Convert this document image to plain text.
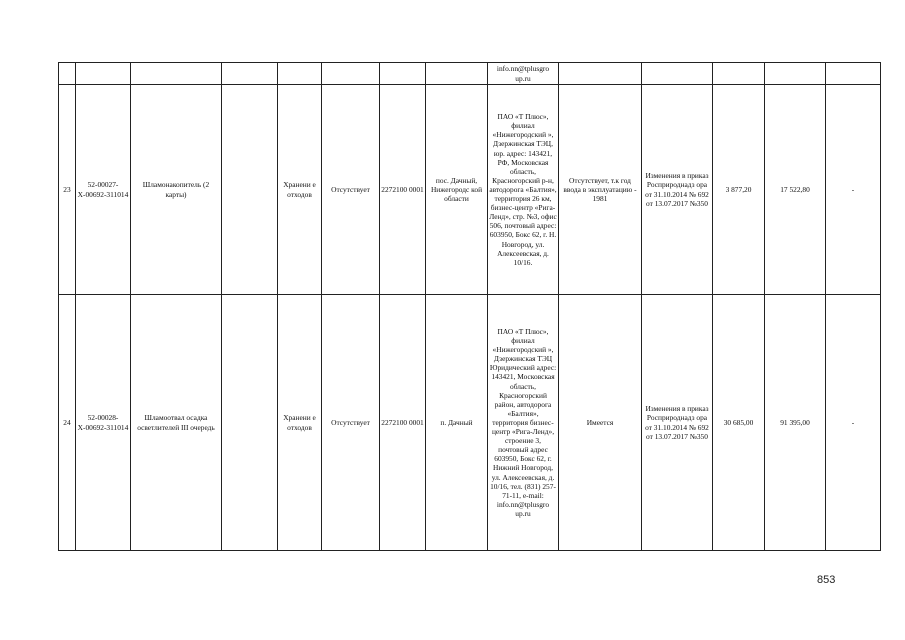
								info.nn@tplusgro up.ru					
23	52-00027-Х-00692-311014	Шламонакопитель (2 карты)		Хранени е отходов	Отсутствует	2272100 0001	пос. Дачный, Нижегородс кой области	ПАО «Т Плюс», филиал «Нижегородский », Дзержинская ТЭЦ, юр. адрес: 143421, РФ, Московская область, Красногорский р-н, автодорога «Балтия», территория 26 км, бизнес-центр «Рига-Ленд», стр. №3, офис 506, почтовый адрес: 603950, Бокс 62, г. Н. Новгород, ул. Алексеевская, д. 10/16.	Отсутствует, т.к год ввода в эксплуатацию - 1981	Изменения в приказ Росприроднадз ора от 31.10.2014 № 692 от 13.07.2017 №350	3 877,20	17 522,80	-
24	52-00028-Х-00692-311014	Шламоотвал осадка осветлителей III очередь		Хранени е отходов	Отсутствует	2272100 0001	п. Дачный	ПАО «Т Плюс», филиал «Нижегородский », Дзержинская ТЭЦ Юридический адрес: 143421, Московская область, Красногорский район, автодорога «Балтия», территория бизнес-центр «Рига-Ленд», строение 3, почтовый адрес 603950, Бокс 62, г. Нижний Новгород, ул. Алексеевская, д. 10/16, тел. (831) 257-71-11, e-mail: info.nn@tplusgro up.ru	Имеется	Изменения в приказ Росприроднадз ора от 31.10.2014 № 692 от 13.07.2017 №350	30 685,00	91 395,00	-
853
